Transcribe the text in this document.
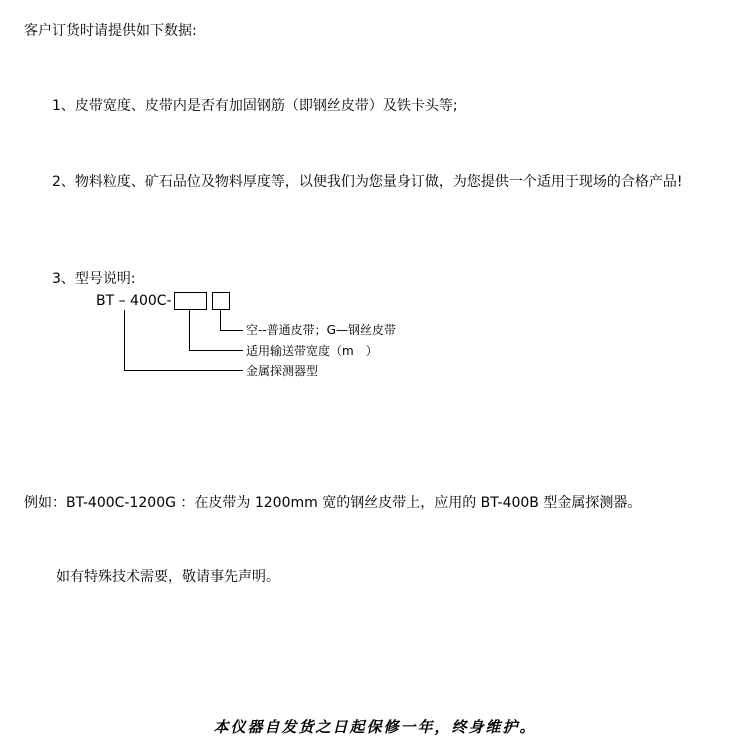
客户订货时请提供如下数据:
1、皮带宽度、皮带内是否有加固钢筋（即钢丝皮带）及铁卡头等;
2、物料粒度、矿石品位及物料厚度等，以便我们为您量身订做，为您提供一个适用于现场的合格产品!
3、型号说明:
BT – 400C-
空--普通皮带；G—钢丝皮带
适用输送带宽度（m　）
金属探测器型
例如：BT-400C-1200G ：在皮带为 1200mm 宽的钢丝皮带上，应用的 BT-400B 型金属探测器。
如有特殊技术需要，敬请事先声明。
本仪器自发货之日起保修一年，终身维护。
